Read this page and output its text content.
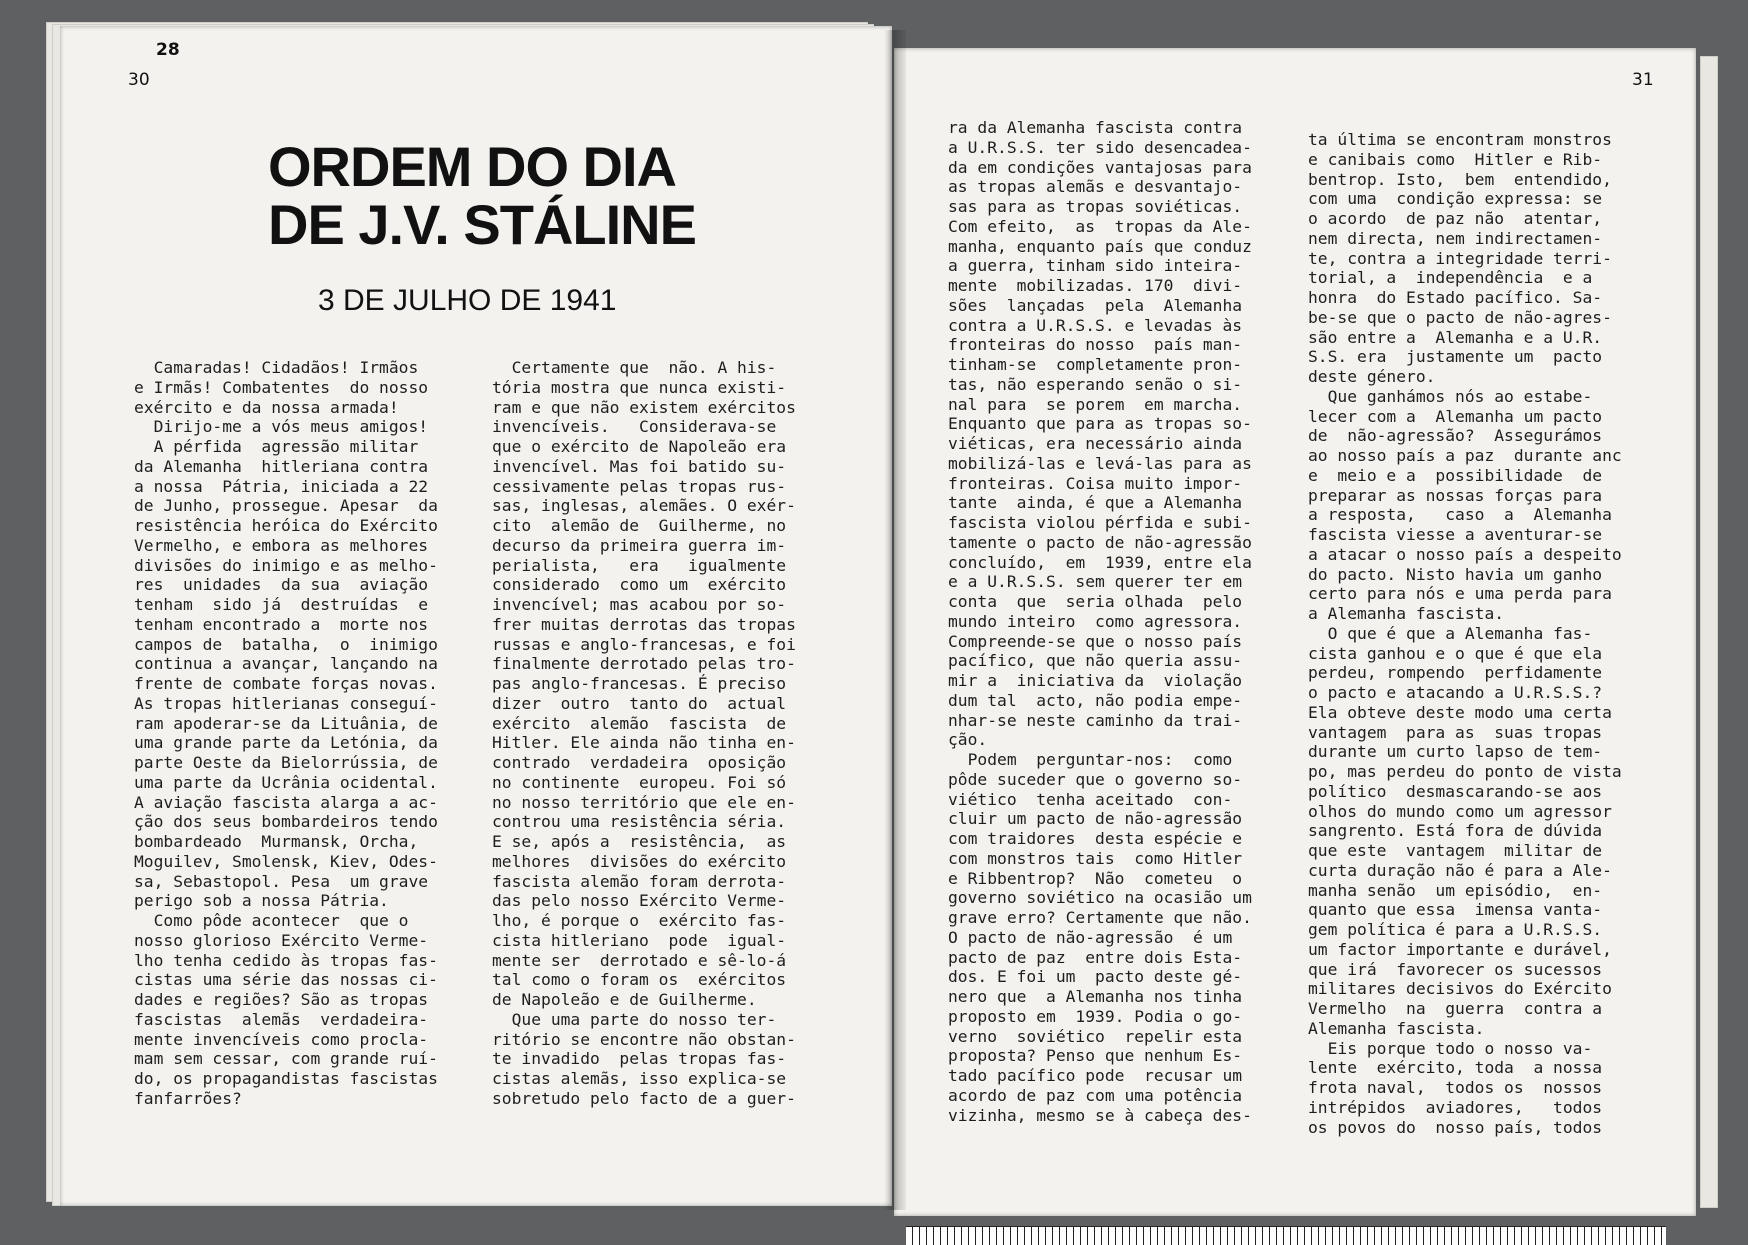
28
30	31
ORDEM DO DIA
DE J.V. STÁLINE
3 DE JULHO DE 1941

Camaradas! Cidadãos! Irmãos

e Irmãs! Combatentes  do nosso

exército e da nossa armada!

Dirijo-me a vós meus amigos!

A pérfida  agressão militar

da Alemanha  hitleriana contra

a nossa  Pátria, iniciada a 22

de Junho, prossegue. Apesar  da

resistência heróica do Exército

Vermelho, e embora as melhores

divisões do inimigo e as melho-

res  unidades  da sua  aviação

tenham  sido já  destruídas  e

tenham encontrado a  morte nos

campos de  batalha,  o  inimigo

continua a avançar, lançando na

frente de combate forças novas.

As tropas hitlerianas conseguí-

ram apoderar-se da Lituânia, de

uma grande parte da Letónia, da

parte Oeste da Bielorrússia, de

uma parte da Ucrânia ocidental.

A aviação fascista alarga a ac-

ção dos seus bombardeiros tendo

bombardeado  Murmansk, Orcha,

Moguilev, Smolensk, Kiev, Odes-

sa, Sebastopol. Pesa  um grave

perigo sob a nossa Pátria.

Como pôde acontecer  que o

nosso glorioso Exército Verme-

lho tenha cedido às tropas fas-

cistas uma série das nossas ci-

dades e regiões? São as tropas

fascistas  alemãs  verdadeira-

mente invencíveis como procla-

mam sem cessar, com grande ruí-

do, os propagandistas fascistas

fanfarrões?

Certamente que  não. A his-

tória mostra que nunca existi-

ram e que não existem exércitos

invencíveis.   Considerava-se

que o exército de Napoleão era

invencível. Mas foi batido su-

cessivamente pelas tropas rus-

sas, inglesas, alemães. O exér-

cito  alemão de  Guilherme, no

decurso da primeira guerra im-

perialista,   era   igualmente

considerado  como um  exército

invencível; mas acabou por so-

frer muitas derrotas das tropas

russas e anglo-francesas, e foi

finalmente derrotado pelas tro-

pas anglo-francesas. É preciso

dizer  outro  tanto do  actual

exército  alemão  fascista  de

Hitler. Ele ainda não tinha en-

contrado  verdadeira  oposição

no continente  europeu. Foi só

no nosso território que ele en-

controu uma resistência séria.

E se, após a  resistência,  as

melhores  divisões do exército

fascista alemão foram derrota-

das pelo nosso Exército Verme-

lho, é porque o  exército fas-

cista hitleriano  pode  igual-

mente ser  derrotado e sê-lo-á

tal como o foram os  exércitos

de Napoleão e de Guilherme.

Que uma parte do nosso ter-

ritório se encontre não obstan-

te invadido  pelas tropas fas-

cistas alemãs, isso explica-se

sobretudo pelo facto de a guer-

ra da Alemanha fascista contra

a U.R.S.S. ter sido desencadea-

da em condições vantajosas para

as tropas alemãs e desvantajo-

sas para as tropas soviéticas.

Com efeito,  as  tropas da Ale-

manha, enquanto país que conduz

a guerra, tinham sido inteira-

mente  mobilizadas. 170  divi-

sões  lançadas  pela  Alemanha

contra a U.R.S.S. e levadas às

fronteiras do nosso  país man-

tinham-se  completamente pron-

tas, não esperando senão o si-

nal para  se porem  em marcha.

Enquanto que para as tropas so-

viéticas, era necessário ainda

mobilizá-las e levá-las para as

fronteiras. Coisa muito impor-

tante  ainda, é que a Alemanha

fascista violou pérfida e subi-

tamente o pacto de não-agressão

concluído,  em  1939, entre ela

e a U.R.S.S. sem querer ter em

conta  que  seria olhada  pelo

mundo inteiro  como agressora.

Compreende-se que o nosso país

pacífico, que não queria assu-

mir a  iniciativa da  violação

dum tal  acto, não podia empe-

nhar-se neste caminho da trai-

ção.

Podem  perguntar-nos:  como

pôde suceder que o governo so-

viético  tenha aceitado  con-

cluir um pacto de não-agressão

com traidores  desta espécie e

com monstros tais  como Hitler

e Ribbentrop?  Não  cometeu  o

governo soviético na ocasião um

grave erro? Certamente que não.

O pacto de não-agressão  é um

pacto de paz  entre dois Esta-

dos. E foi um  pacto deste gé-

nero que  a Alemanha nos tinha

proposto em  1939. Podia o go-

verno  soviético  repelir esta

proposta? Penso que nenhum Es-

tado pacífico pode  recusar um

acordo de paz com uma potência

vizinha, mesmo se à cabeça des-

ta última se encontram monstros

e canibais como  Hitler e Rib-

bentrop. Isto,  bem  entendido,

com uma  condição expressa: se

o acordo  de paz não  atentar,

nem directa, nem indirectamen-

te, contra a integridade terri-

torial, a  independência  e a

honra  do Estado pacífico. Sa-

be-se que o pacto de não-agres-

são entre a  Alemanha e a U.R.

S.S. era  justamente um  pacto

deste género.

Que ganhámos nós ao estabe-

lecer com a  Alemanha um pacto

de  não-agressão?  Assegurámos

ao nosso país a paz  durante anc

e  meio e a  possibilidade  de

preparar as nossas forças para

a resposta,   caso  a  Alemanha

fascista viesse a aventurar-se

a atacar o nosso país a despeito

do pacto. Nisto havia um ganho

certo para nós e uma perda para

a Alemanha fascista.

O que é que a Alemanha fas-

cista ganhou e o que é que ela

perdeu, rompendo  perfidamente

o pacto e atacando a U.R.S.S.?

Ela obteve deste modo uma certa

vantagem  para as  suas tropas

durante um curto lapso de tem-

po, mas perdeu do ponto de vista

político  desmascarando-se aos

olhos do mundo como um agressor

sangrento. Está fora de dúvida

que este  vantagem  militar de

curta duração não é para a Ale-

manha senão  um episódio,  en-

quanto que essa  imensa vanta-

gem política é para a U.R.S.S.

um factor importante e durável,

que irá  favorecer os sucessos

militares decisivos do Exército

Vermelho  na  guerra  contra a

Alemanha fascista.

Eis porque todo o nosso va-

lente  exército, toda  a nossa

frota naval,  todos os  nossos

intrépidos  aviadores,   todos

os povos do  nosso país, todos
